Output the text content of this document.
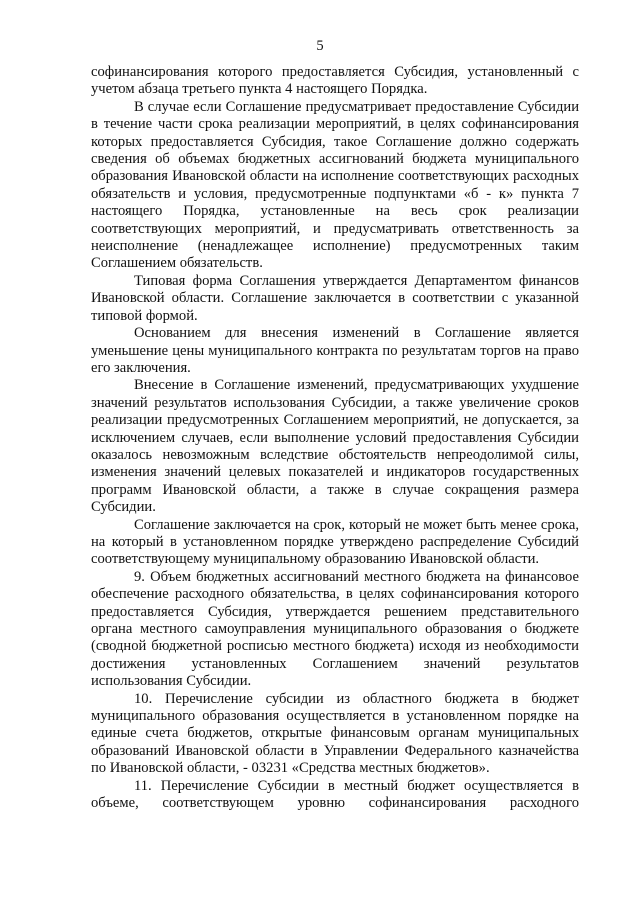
5

софинансирования которого предоставляется Субсидия, установленный с учетом абзаца третьего пункта 4 настоящего Порядка.

В случае если Соглашение предусматривает предоставление Субсидии в течение части срока реализации мероприятий, в целях софинансирования которых предоставляется Субсидия, такое Соглашение должно содержать сведения об объемах бюджетных ассигнований бюджета муниципального образования Ивановской области на исполнение соответствующих расходных обязательств и условия, предусмотренные подпунктами «б - к» пункта 7 настоящего Порядка, установленные на весь срок реализации соответствующих мероприятий, и предусматривать ответственность за неисполнение (ненадлежащее исполнение) предусмотренных таким Соглашением обязательств.

Типовая форма Соглашения утверждается Департаментом финансов Ивановской области. Соглашение заключается в соответствии с указанной типовой формой.

Основанием для внесения изменений в Соглашение является уменьшение цены муниципального контракта по результатам торгов на право его заключения.

Внесение в Соглашение изменений, предусматривающих ухудшение значений результатов использования Субсидии, а также увеличение сроков реализации предусмотренных Соглашением мероприятий, не допускается, за исключением случаев, если выполнение условий предоставления Субсидии оказалось невозможным вследствие обстоятельств непреодолимой силы, изменения значений целевых показателей и индикаторов государственных программ Ивановской области, а также в случае сокращения размера Субсидии.

Соглашение заключается на срок, который не может быть менее срока, на который в установленном порядке утверждено распределение Субсидий соответствующему муниципальному образованию Ивановской области.

9. Объем бюджетных ассигнований местного бюджета на финансовое обеспечение расходного обязательства, в целях софинансирования которого предоставляется Субсидия, утверждается решением представительного органа местного самоуправления муниципального образования о бюджете (сводной бюджетной росписью местного бюджета) исходя из необходимости достижения установленных Соглашением значений результатов использования Субсидии.

10. Перечисление субсидии из областного бюджета в бюджет муниципального образования осуществляется в установленном порядке на единые счета бюджетов, открытые финансовым органам муниципальных образований Ивановской области в Управлении Федерального казначейства по Ивановской области, - 03231 «Средства местных бюджетов».

11. Перечисление Субсидии в местный бюджет осуществляется в объеме, соответствующем уровню софинансирования расходного
